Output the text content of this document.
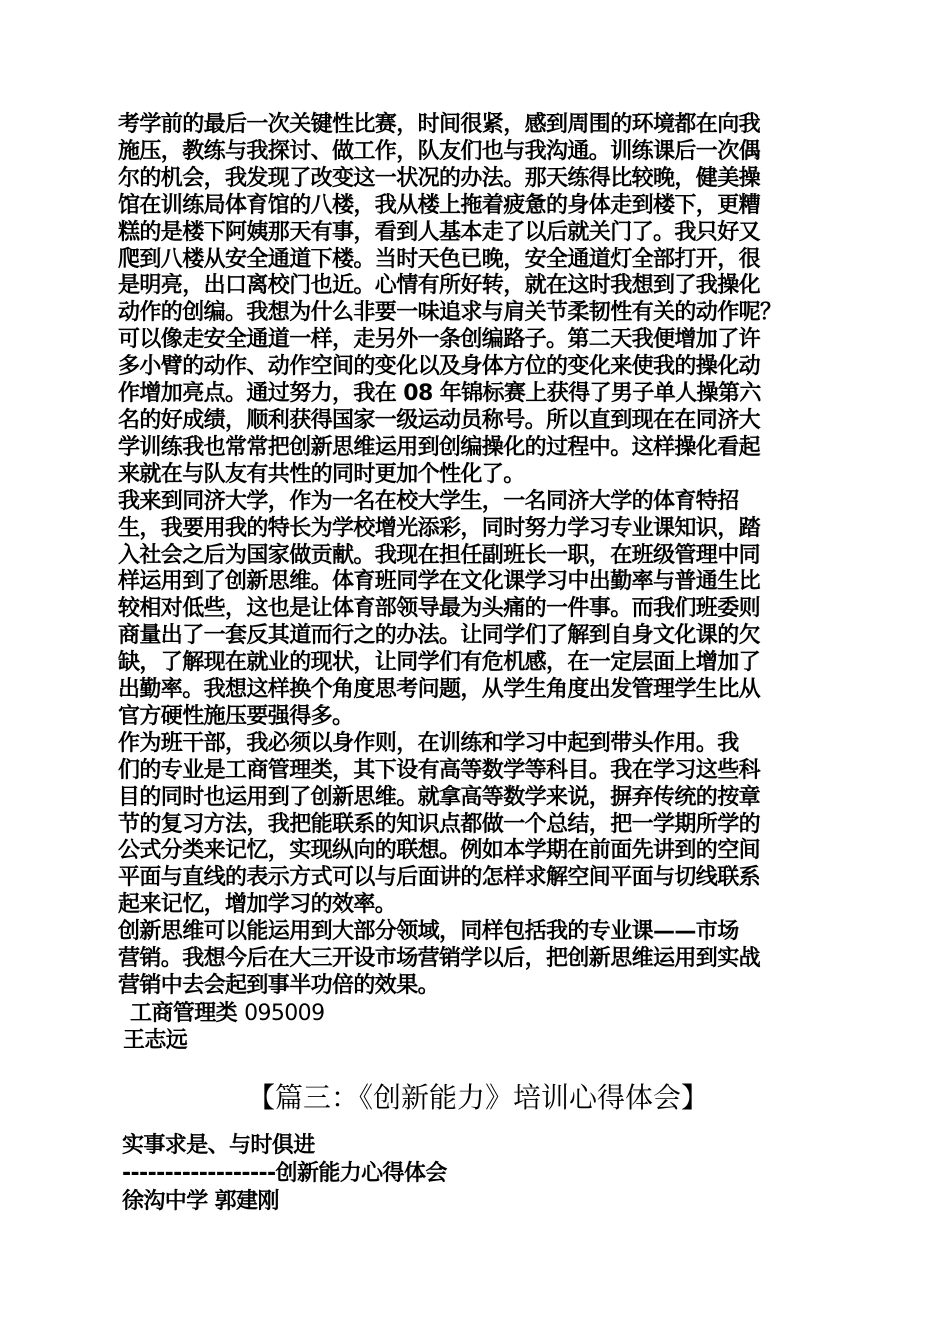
考学前的最后一次关键性比赛，时间很紧，感到周围的环境都在向我
施压，教练与我探讨、做工作，队友们也与我沟通。训练课后一次偶
尔的机会，我发现了改变这一状况的办法。那天练得比较晚，健美操
馆在训练局体育馆的八楼，我从楼上拖着疲惫的身体走到楼下，更糟
糕的是楼下阿姨那天有事，看到人基本走了以后就关门了。我只好又
爬到八楼从安全通道下楼。当时天色已晚，安全通道灯全部打开，很
是明亮，出口离校门也近。心情有所好转，就在这时我想到了我操化
动作的创编。我想为什么非要一味追求与肩关节柔韧性有关的动作呢？
可以像走安全通道一样，走另外一条创编路子。第二天我便增加了许
多小臂的动作、动作空间的变化以及身体方位的变化来使我的操化动
作增加亮点。通过努力，我在 08 年锦标赛上获得了男子单人操第六
名的好成绩，顺利获得国家一级运动员称号。所以直到现在在同济大
学训练我也常常把创新思维运用到创编操化的过程中。这样操化看起
来就在与队友有共性的同时更加个性化了。
我来到同济大学，作为一名在校大学生，一名同济大学的体育特招
生，我要用我的特长为学校增光添彩，同时努力学习专业课知识，踏
入社会之后为国家做贡献。我现在担任副班长一职，在班级管理中同
样运用到了创新思维。体育班同学在文化课学习中出勤率与普通生比
较相对低些，这也是让体育部领导最为头痛的一件事。而我们班委则
商量出了一套反其道而行之的办法。让同学们了解到自身文化课的欠
缺，了解现在就业的现状，让同学们有危机感，在一定层面上增加了
出勤率。我想这样换个角度思考问题，从学生角度出发管理学生比从
官方硬性施压要强得多。
作为班干部，我必须以身作则，在训练和学习中起到带头作用。我
们的专业是工商管理类，其下设有高等数学等科目。我在学习这些科
目的同时也运用到了创新思维。就拿高等数学来说，摒弃传统的按章
节的复习方法，我把能联系的知识点都做一个总结，把一学期所学的
公式分类来记忆，实现纵向的联想。例如本学期在前面先讲到的空间
平面与直线的表示方式可以与后面讲的怎样求解空间平面与切线联系
起来记忆，增加学习的效率。
创新思维可以能运用到大部分领域，同样包括我的专业课——市场
营销。我想今后在大三开设市场营销学以后，把创新思维运用到实战
营销中去会起到事半功倍的效果。

工商管理类 095009

王志远

【篇三：《创新能力》培训心得体会】

实事求是、与时俱进

------------------创新能力心得体会

徐沟中学 郭建刚
